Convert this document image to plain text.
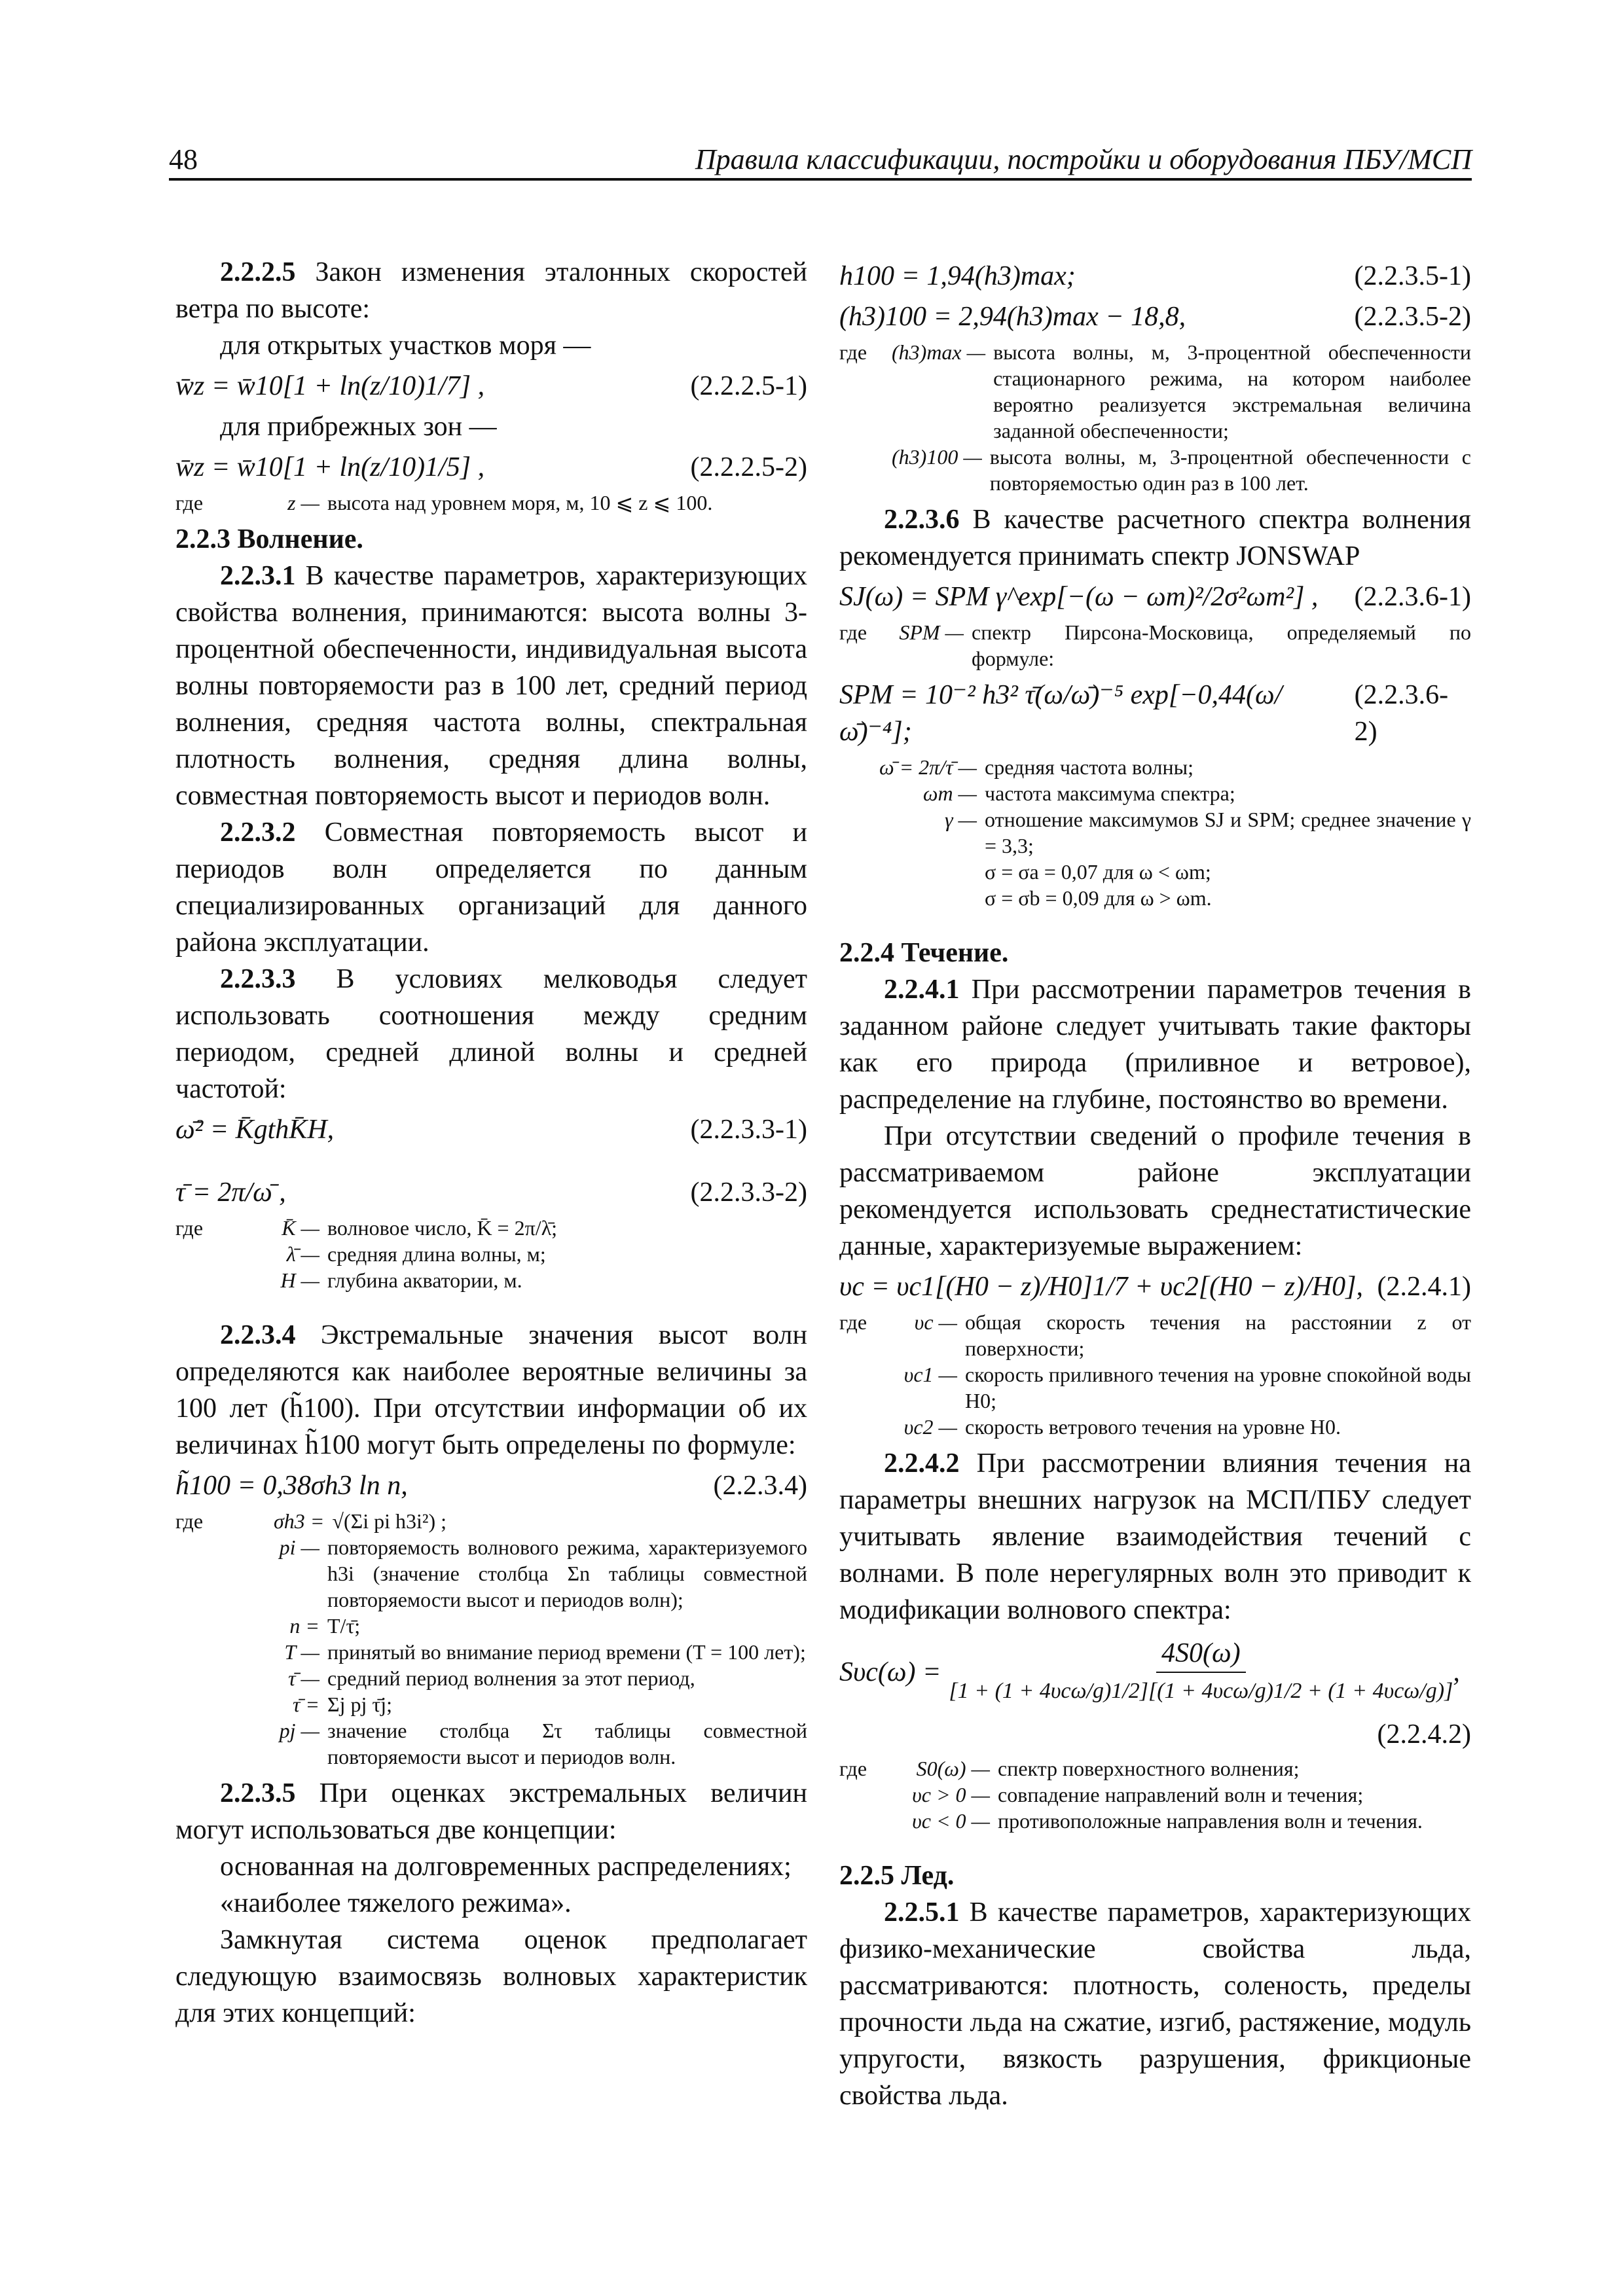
48	Правила классификации, постройки и оборудования ПБУ/МСП

2.2.2.5 Закон изменения эталонных скоростей ветра по высоте:

для открытых участков моря —

w̄z = w̄10[1 + ln(z/10)1/7] ,	(2.2.2.5-1)

для прибрежных зон —

w̄z = w̄10[1 + ln(z/10)1/5] ,	(2.2.2.5-2)
где	z — высота над уровнем моря, м, 10 ⩽ z ⩽ 100.

2.2.3 Волнение.

2.2.3.1 В качестве параметров, характеризующих свойства волнения, принимаются: высота волны 3-процентной обеспеченности, индивидуальная высота волны повторяемости раз в 100 лет, средний период волнения, средняя частота волны, спектральная плотность волнения, средняя длина волны, совместная повторяемость высот и периодов волн.

2.2.3.2 Совместная повторяемость высот и периодов волн определяется по данным специализированных организаций для данного района эксплуатации.

2.2.3.3 В условиях мелководья следует использовать соотношения между средним периодом, средней длиной волны и средней частотой:

ω̄² = K̄gthK̄H,	(2.2.3.3-1)
τ̄ = 2π/ω̄ ,	(2.2.3.3-2)
где	K̄ — волновое число, K̄ = 2π/λ̄;
λ̄ — средняя длина волны, м;
H — глубина акватории, м.

2.2.3.4 Экстремальные значения высот волн определяются как наиболее вероятные величины за 100 лет (h̃100). При отсутствии информации об их величинах h̃100 могут быть определены по формуле:

h̃100 = 0,38σh3 ln n,	(2.2.3.4)
где	σh3 = √(Σi pi h3i²) ;
pi — повторяемость волнового режима, характеризуемого h3i (значение столбца Σn таблицы совместной повторяемости высот и периодов волн);
n = T/τ̄;
T — принятый во внимание период времени (T = 100 лет);
τ̄ — средний период волнения за этот период,
τ̄ = Σj pj τ̄j;
pj — значение столбца Στ таблицы совместной повторяемости высот и периодов волн.

2.2.3.5 При оценках экстремальных величин могут использоваться две концепции:

основанная на долговременных распределениях;

«наиболее тяжелого режима».

Замкнутая система оценок предполагает следующую взаимосвязь волновых характеристик для этих концепций:

h100 = 1,94(h3)max;	(2.2.3.5-1)
(h3)100 = 2,94(h3)max − 18,8,	(2.2.3.5-2)
где	(h3)max — высота волны, м, 3-процентной обеспеченности стационарного режима, на котором наиболее вероятно реализуется экстремальная величина заданной обеспеченности;
(h3)100 — высота волны, м, 3-процентной обеспеченности с повторяемостью один раз в 100 лет.

2.2.3.6 В качестве расчетного спектра волнения рекомендуется принимать спектр JONSWAP

SJ(ω) = SPM γ^exp[−(ω − ωm)²/2σ²ωm²] , (2.2.3.6-1)
где	SPM — спектр Пирсона-Московица, определяемый по формуле:
SPM = 10⁻² h3² τ̄(ω/ω̄)⁻⁵ exp[−0,44(ω/ω̄)⁻⁴];
(2.2.3.6-2)
ω̄ = 2π/τ̄ — средняя частота волны;
ωm — частота максимума спектра;
γ — отношение максимумов SJ и SPM; среднее значение γ = 3,3;
σ = σa = 0,07 для ω < ωm;
σ = σb = 0,09 для ω > ωm.

2.2.4 Течение.

2.2.4.1 При рассмотрении параметров течения в заданном районе следует учитывать такие факторы как его природа (приливное и ветровое), распределение на глубине, постоянство во времени.

При отсутствии сведений о профиле течения в рассматриваемом районе эксплуатации рекомендуется использовать среднестатистические данные, характеризуемые выражением:

υc = υc1[(H0 − z)/H0]1/7 + υc2[(H0 − z)/H0], (2.2.4.1)
где	υc — общая скорость течения на расстоянии z от поверхности;
υc1 — скорость приливного течения на уровне спокойной воды H0;
υc2 — скорость ветрового течения на уровне H0.

2.2.4.2 При рассмотрении влияния течения на параметры внешних нагрузок на МСП/ПБУ следует учитывать явление взаимодействия течений с волнами. В поле нерегулярных волн это приводит к модификации волнового спектра:

Sυc(ω) =
4S0(ω)
[1 + (1 + 4υcω/g)1/2][(1 + 4υcω/g)1/2 + (1 + 4υcω/g)]
,
(2.2.4.2)
где	S0(ω) — спектр поверхностного волнения;
υc > 0 — совпадение направлений волн и течения;
υc < 0 — противоположные направления волн и течения.

2.2.5 Лед.

2.2.5.1 В качестве параметров, характеризующих физико-механические свойства льда, рассматриваются: плотность, соленость, пределы прочности льда на сжатие, изгиб, растяжение, модуль упругости, вязкость разрушения, фрикционые свойства льда.
